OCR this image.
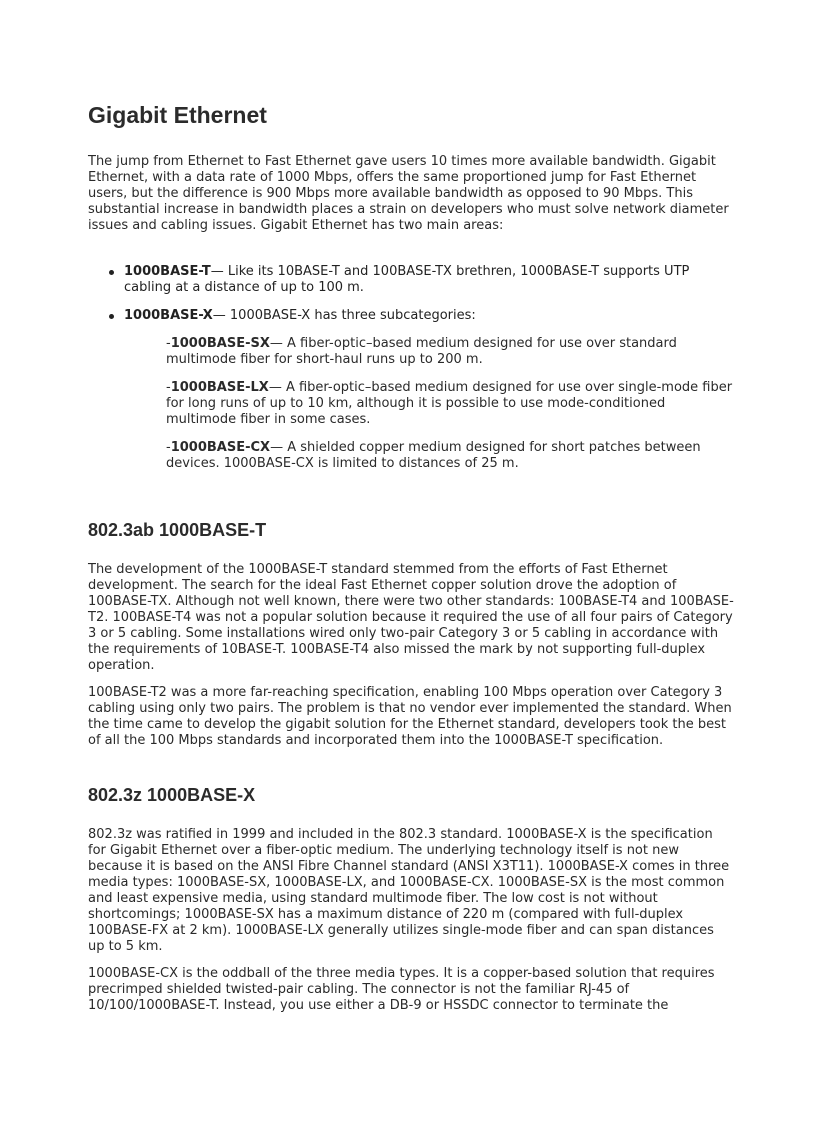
Gigabit Ethernet

The jump from Ethernet to Fast Ethernet gave users 10 times more available bandwidth. Gigabit Ethernet, with a data rate of 1000 Mbps, offers the same proportioned jump for Fast Ethernet users, but the difference is 900 Mbps more available bandwidth as opposed to 90 Mbps. This substantial increase in bandwidth places a strain on developers who must solve network diameter issues and cabling issues. Gigabit Ethernet has two main areas:

1000BASE-T— Like its 10BASE-T and 100BASE-TX brethren, 1000BASE-T supports UTP cabling at a distance of up to 100 m.
1000BASE-X— 1000BASE-X has three subcategories:

-1000BASE-SX— A fiber-optic–based medium designed for use over standard multimode fiber for short-haul runs up to 200 m.

-1000BASE-LX— A fiber-optic–based medium designed for use over single-mode fiber for long runs of up to 10 km, although it is possible to use mode-conditioned multimode fiber in some cases.

-1000BASE-CX— A shielded copper medium designed for short patches between devices. 1000BASE-CX is limited to distances of 25 m.

802.3ab 1000BASE-T

The development of the 1000BASE-T standard stemmed from the efforts of Fast Ethernet development. The search for the ideal Fast Ethernet copper solution drove the adoption of 100BASE-TX. Although not well known, there were two other standards: 100BASE-T4 and 100BASE-T2. 100BASE-T4 was not a popular solution because it required the use of all four pairs of Category 3 or 5 cabling. Some installations wired only two-pair Category 3 or 5 cabling in accordance with the requirements of 10BASE-T. 100BASE-T4 also missed the mark by not supporting full-duplex operation.

100BASE-T2 was a more far-reaching specification, enabling 100 Mbps operation over Category 3 cabling using only two pairs. The problem is that no vendor ever implemented the standard. When the time came to develop the gigabit solution for the Ethernet standard, developers took the best of all the 100 Mbps standards and incorporated them into the 1000BASE-T specification.

802.3z 1000BASE-X

802.3z was ratified in 1999 and included in the 802.3 standard. 1000BASE-X is the specification for Gigabit Ethernet over a fiber-optic medium. The underlying technology itself is not new because it is based on the ANSI Fibre Channel standard (ANSI X3T11). 1000BASE-X comes in three media types: 1000BASE-SX, 1000BASE-LX, and 1000BASE-CX. 1000BASE-SX is the most common and least expensive media, using standard multimode fiber. The low cost is not without shortcomings; 1000BASE-SX has a maximum distance of 220 m (compared with full-duplex 100BASE-FX at 2 km). 1000BASE-LX generally utilizes single-mode fiber and can span distances up to 5 km.

1000BASE-CX is the oddball of the three media types. It is a copper-based solution that requires precrimped shielded twisted-pair cabling. The connector is not the familiar RJ-45 of 10/100/1000BASE-T. Instead, you use either a DB-9 or HSSDC connector to terminate the
